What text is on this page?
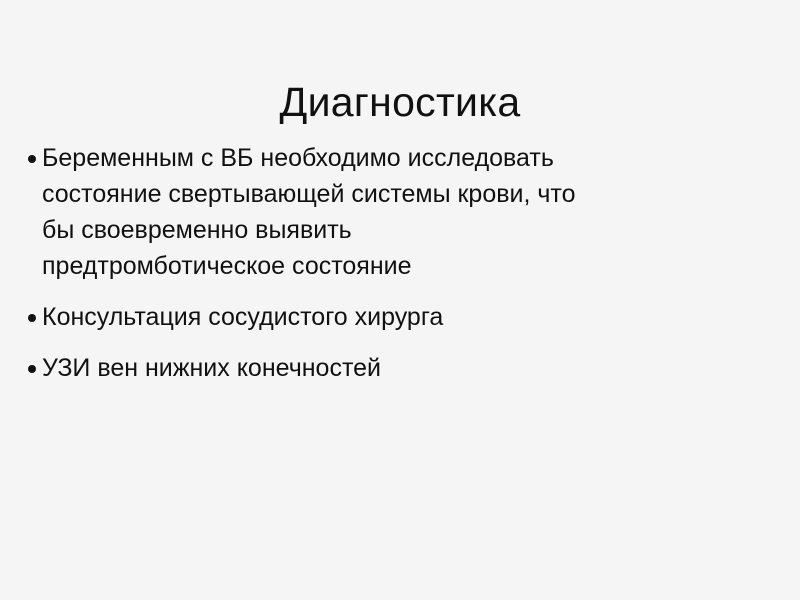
Диагностика
Беременным с ВБ необходимо исследовать
состояние свертывающей системы крови, что
бы своевременно выявить
предтромботическое состояние
Консультация сосудистого хирурга
УЗИ вен нижних конечностей
